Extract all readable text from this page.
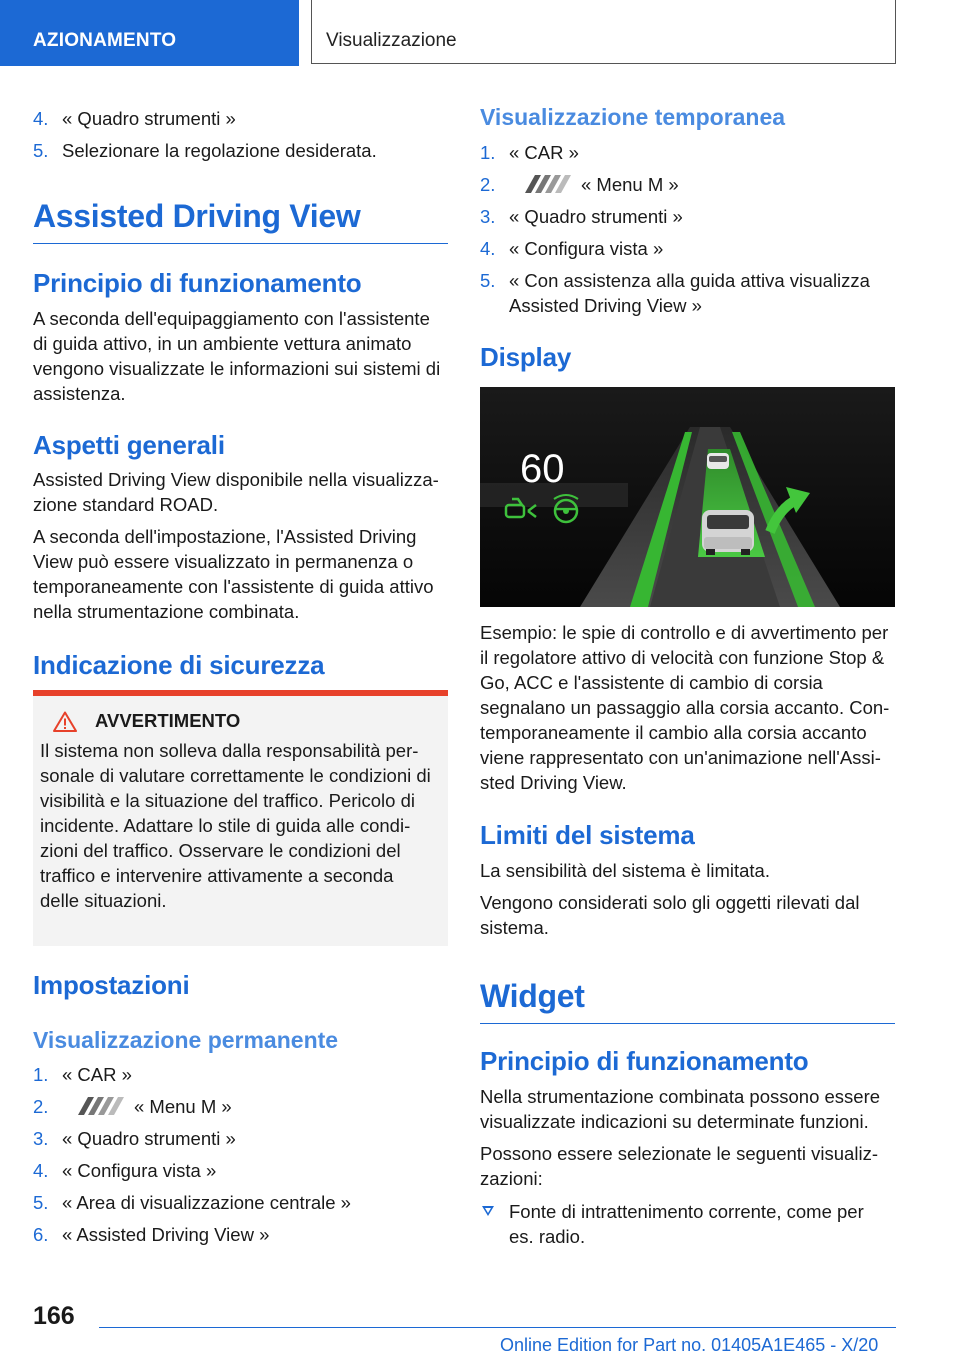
AZIONAMENTO	Visualizzazione
4. « Quadro strumenti »
5. Selezionare la regolazione desiderata.
Assisted Driving View
Principio di funzionamento

A seconda dell'equipaggiamento con l'assistente di guida attivo, in un ambiente vettura animato vengono visualizzate le informazioni sui sistemi di assistenza.

Aspetti generali

Assisted Driving View disponibile nella visualizza-zione standard ROAD.

A seconda dell'impostazione, l'Assisted Driving View può essere visualizzato in permanenza o temporaneamente con l'assistente di guida attivo nella strumentazione combinata.

Indicazione di sicurezza
AVVERTIMENTO

Il sistema non solleva dalla responsabilità per-sonale di valutare correttamente le condizioni di visibilità e la situazione del traffico. Pericolo di incidente. Adattare lo stile di guida alle condi-zioni del traffico. Osservare le condizioni del traffico e intervenire attivamente a seconda delle situazioni.

Impostazioni
Visualizzazione permanente
1. « CAR »
2.	« Menu M »
3. « Quadro strumenti »
4. « Configura vista »
5. « Area di visualizzazione centrale »
6. « Assisted Driving View »
Visualizzazione temporanea
1. « CAR »
2.	« Menu M »
3. « Quadro strumenti »
4. « Configura vista »
5. « Con assistenza alla guida attiva visualizza Assisted Driving View »
Display
60

Esempio: le spie di controllo e di avvertimento per il regolatore attivo di velocità con funzione Stop & Go, ACC e l'assistente di cambio di corsia segnalano un passaggio alla corsia accanto. Con-temporaneamente il cambio alla corsia accanto viene rappresentato con un'animazione nell'Assi-sted Driving View.

Limiti del sistema

La sensibilità del sistema è limitata.

Vengono considerati solo gli oggetti rilevati dal sistema.

Widget
Principio di funzionamento

Nella strumentazione combinata possono essere visualizzate indicazioni su determinate funzioni.

Possono essere selezionate le seguenti visualiz-zazioni:

Fonte di intrattenimento corrente, come per es. radio.
166
Online Edition for Part no. 01405A1E465 - X/20
